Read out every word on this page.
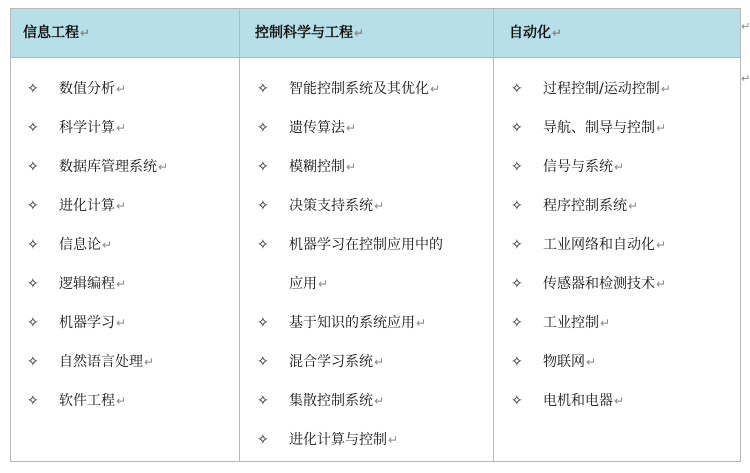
信息工程↵	控制科学与工程↵	自动化↵
✧ 数值分析↵
✧ 科学计算↵
✧ 数据库管理系统↵
✧ 进化计算↵
✧ 信息论↵
✧ 逻辑编程↵
✧ 机器学习↵
✧ 自然语言处理↵
✧ 软件工程↵
✧ 智能控制系统及其优化↵
✧ 遗传算法↵
✧ 模糊控制↵
✧ 决策支持系统↵
✧ 机器学习在控制应用中的
应用↵
✧ 基于知识的系统应用↵
✧ 混合学习系统↵
✧ 集散控制系统↵
✧ 进化计算与控制↵
✧ 过程控制/运动控制↵
✧ 导航、制导与控制↵
✧ 信号与系统↵
✧ 程序控制系统↵
✧ 工业网络和自动化↵
✧ 传感器和检测技术↵
✧ 工业控制↵
✧ 物联网↵
✧ 电机和电器↵
↵
↵
